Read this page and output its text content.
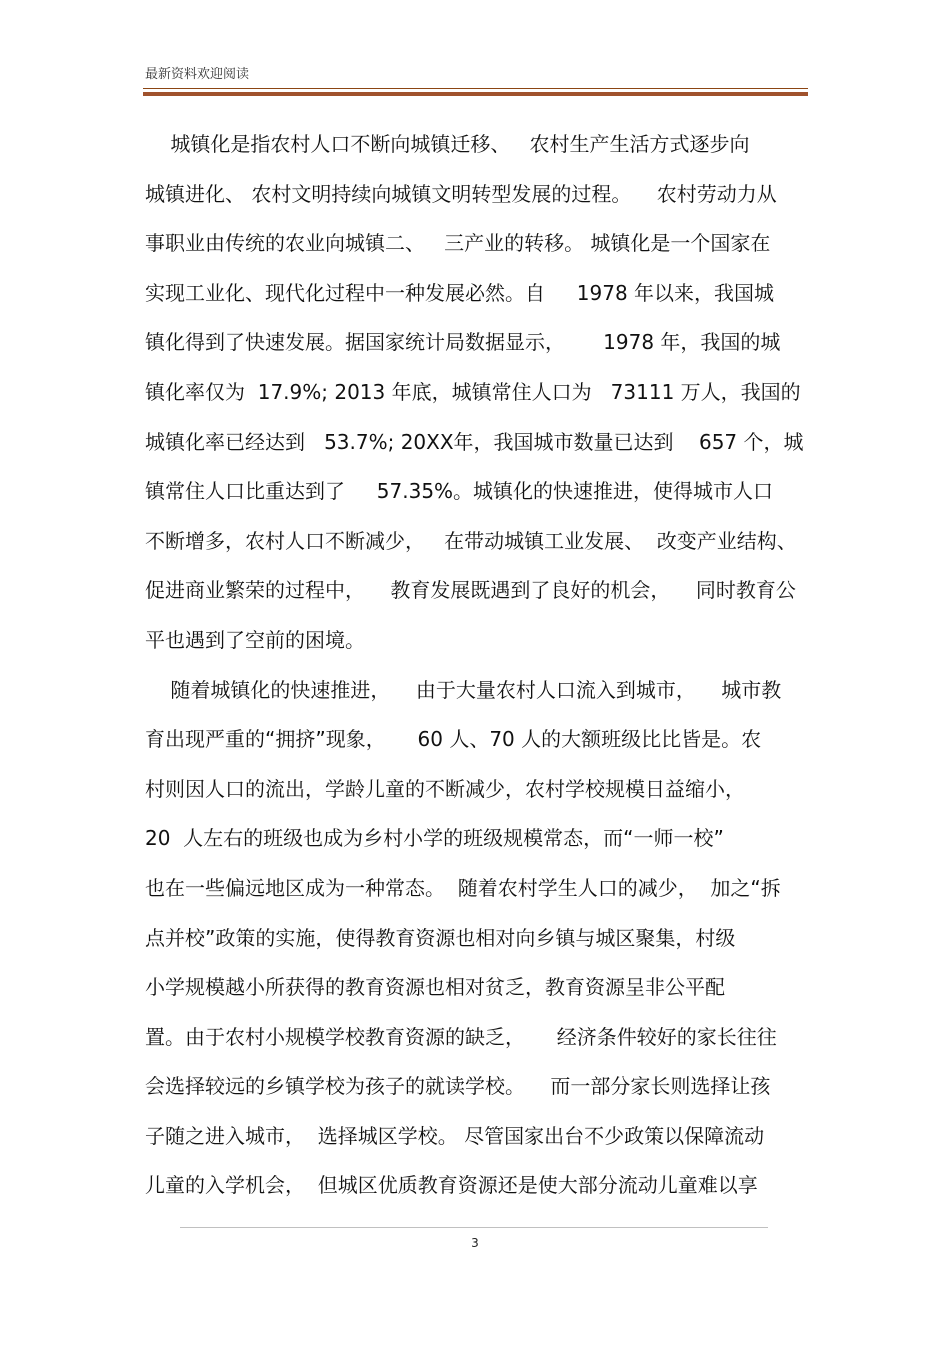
最新资料欢迎阅读
城镇化是指农村人口不断向城镇迁移、   农村生产生活方式逐步向
城镇进化、 农村文明持续向城镇文明转型发展的过程。    农村劳动力从
事职业由传统的农业向城镇二、   三产业的转移。 城镇化是一个国家在
实现工业化、现代化过程中一种发展必然。自     1978 年以来，我国城
镇化得到了快速发展。据国家统计局数据显示，      1978 年，我国的城
镇化率仅为  17.9%; 2013 年底，城镇常住人口为   73111 万人，我国的
城镇化率已经达到   53.7%; 20XX年，我国城市数量已达到    657 个，城
镇常住人口比重达到了     57.35%。城镇化的快速推进，使得城市人口
不断增多，农村人口不断减少，   在带动城镇工业发展、  改变产业结构、
促进商业繁荣的过程中，    教育发展既遇到了良好的机会，    同时教育公
平也遇到了空前的困境。
随着城镇化的快速推进，    由于大量农村人口流入到城市，    城市教
育出现严重的“拥挤”现象，     60 人、70 人的大额班级比比皆是。农
村则因人口的流出，学龄儿童的不断减少，农村学校规模日益缩小，
20  人左右的班级也成为乡村小学的班级规模常态，而“一师一校”
也在一些偏远地区成为一种常态。  随着农村学生人口的减少，  加之“拆
点并校”政策的实施，使得教育资源也相对向乡镇与城区聚集，村级
小学规模越小所获得的教育资源也相对贫乏，教育资源呈非公平配
置。由于农村小规模学校教育资源的缺乏，     经济条件较好的家长往往
会选择较远的乡镇学校为孩子的就读学校。    而一部分家长则选择让孩
子随之进入城市，  选择城区学校。 尽管国家出台不少政策以保障流动
儿童的入学机会，  但城区优质教育资源还是使大部分流动儿童难以享
3
